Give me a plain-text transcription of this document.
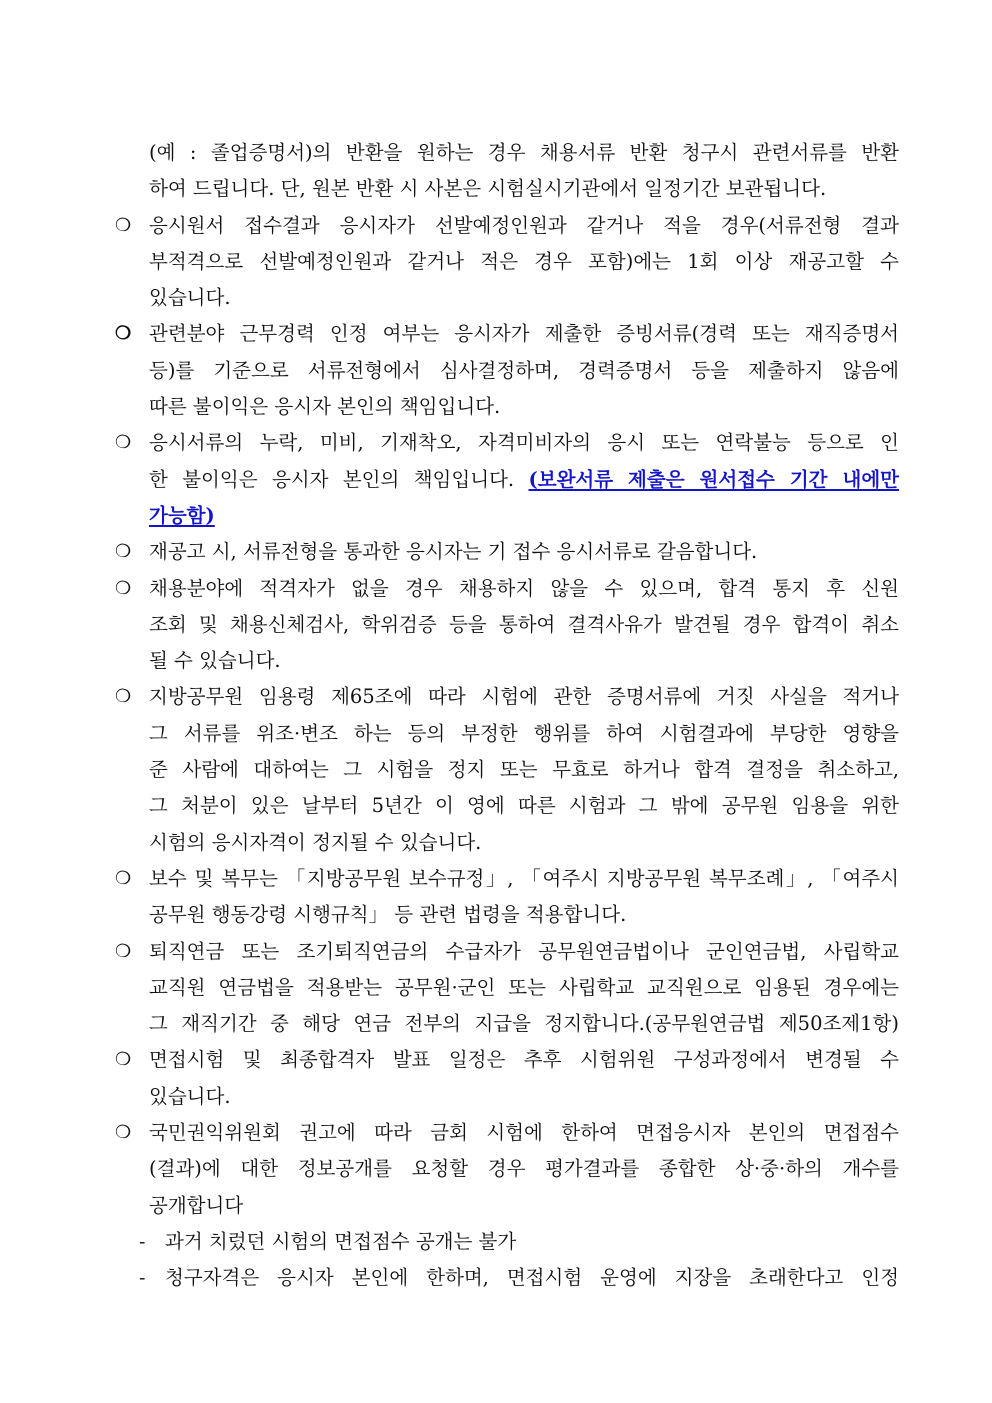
(예 : 졸업증명서)의 반환을 원하는 경우 채용서류 반환 청구시 관련서류를 반환
하여 드립니다. 단, 원본 반환 시 사본은 시험실시기관에서 일정기간 보관됩니다.
❍ 응시원서 접수결과 응시자가 선발예정인원과 같거나 적을 경우(서류전형 결과
부적격으로 선발예정인원과 같거나 적은 경우 포함)에는 1회 이상 재공고할 수
있습니다.
❍ 관련분야 근무경력 인정 여부는 응시자가 제출한 증빙서류(경력 또는 재직증명서
등)를 기준으로 서류전형에서 심사결정하며, 경력증명서 등을 제출하지 않음에
따른 불이익은 응시자 본인의 책임입니다.
❍ 응시서류의 누락, 미비, 기재착오, 자격미비자의 응시 또는 연락불능 등으로 인
한 불이익은 응시자 본인의 책임입니다. (보완서류 제출은 원서접수 기간 내에만
가능함)
❍ 재공고 시, 서류전형을 통과한 응시자는 기 접수 응시서류로 갈음합니다.
❍ 채용분야에 적격자가 없을 경우 채용하지 않을 수 있으며, 합격 통지 후 신원
조회 및 채용신체검사, 학위검증 등을 통하여 결격사유가 발견될 경우 합격이 취소
될 수 있습니다.
❍ 지방공무원 임용령 제65조에 따라 시험에 관한 증명서류에 거짓 사실을 적거나
그 서류를 위조·변조 하는 등의 부정한 행위를 하여 시험결과에 부당한 영향을
준 사람에 대하여는 그 시험을 정지 또는 무효로 하거나 합격 결정을 취소하고,
그 처분이 있은 날부터 5년간 이 영에 따른 시험과 그 밖에 공무원 임용을 위한
시험의 응시자격이 정지될 수 있습니다.
❍ 보수 및 복무는 「지방공무원 보수규정」, 「여주시 지방공무원 복무조례」, 「여주시
공무원 행동강령 시행규칙」 등 관련 법령을 적용합니다.
❍ 퇴직연금 또는 조기퇴직연금의 수급자가 공무원연금법이나 군인연금법, 사립학교
교직원 연금법을 적용받는 공무원·군인 또는 사립학교 교직원으로 임용된 경우에는
그 재직기간 중 해당 연금 전부의 지급을 정지합니다.(공무원연금법 제50조제1항)
❍ 면접시험 및 최종합격자 발표 일정은 추후 시험위원 구성과정에서 변경될 수
있습니다.
❍ 국민권익위원회 권고에 따라 금회 시험에 한하여 면접응시자 본인의 면접점수
(결과)에 대한 정보공개를 요청할 경우 평가결과를 종합한 상·중·하의 개수를
공개합니다
- 과거 치렀던 시험의 면접점수 공개는 불가
- 청구자격은 응시자 본인에 한하며, 면접시험 운영에 지장을 초래한다고 인정
